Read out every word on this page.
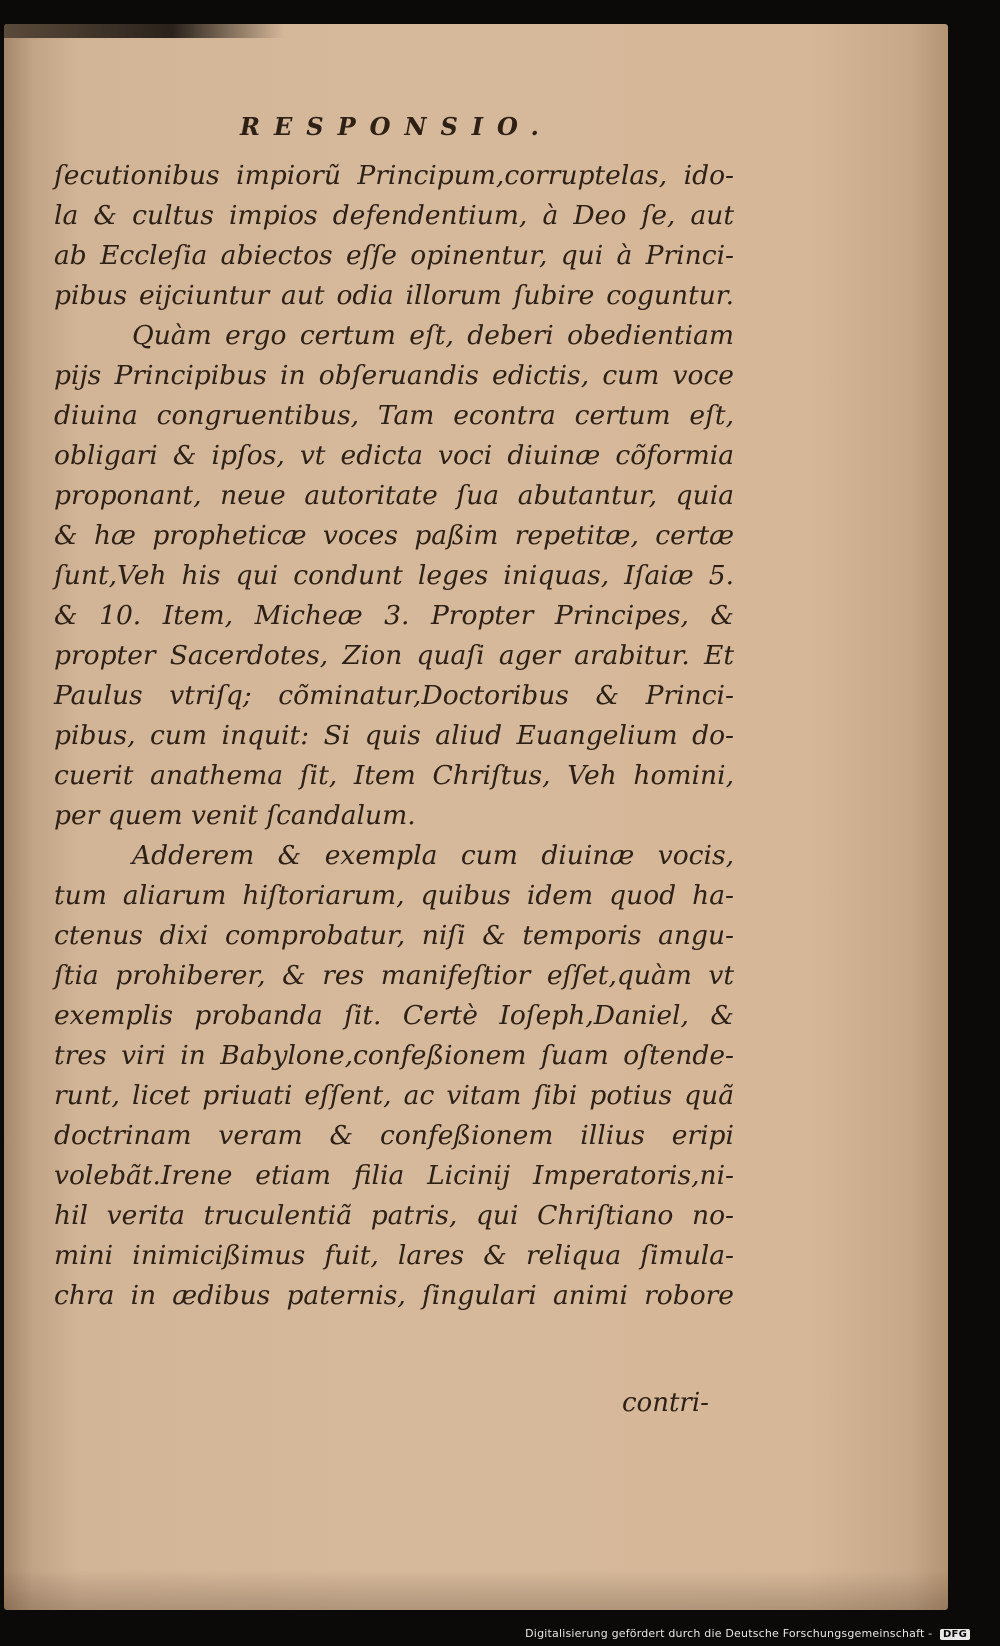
RESPONSIO.
ſecutionibus impiorũ Principum,corruptelas, ido-
la & cultus impios defendentium, à Deo ſe, aut
ab Eccleſia abiectos eſſe opinentur, qui à Princi-
pibus eijciuntur aut odia illorum ſubire coguntur.
Quàm ergo certum eſt, deberi obedientiam
pijs Principibus in obſeruandis edictis, cum voce
diuina congruentibus, Tam econtra certum eſt,
obligari & ipſos, vt edicta voci diuinæ cõformia
proponant, neue autoritate ſua abutantur, quia
& hæ propheticæ voces paßim repetitæ, certæ
ſunt,Veh his qui condunt leges iniquas, Iſaiæ 5.
& 10. Item, Micheæ 3. Propter Principes, &
propter Sacerdotes, Zion quaſi ager arabitur. Et
Paulus vtriſq; cõminatur,Doctoribus & Princi-
pibus, cum inquit: Si quis aliud Euangelium do-
cuerit anathema ſit, Item Chriſtus, Veh homini,
per quem venit ſcandalum.
Adderem & exempla cum diuinæ vocis,
tum aliarum hiſtoriarum, quibus idem quod ha-
ctenus dixi comprobatur, niſi & temporis angu-
ſtia prohiberer, & res manifeſtior eſſet,quàm vt
exemplis probanda ſit. Certè Ioſeph,Daniel, &
tres viri in Babylone,confeßionem ſuam oſtende-
runt, licet priuati eſſent, ac vitam ſibi potius quã
doctrinam veram & confeßionem illius eripi
volebãt.Irene etiam filia Licinij Imperatoris,ni-
hil verita truculentiã patris, qui Chriſtiano no-
mini inimicißimus fuit, lares & reliqua ſimula-
chra in ædibus paternis, ſingulari animi robore
contri-
Digitalisierung gefördert durch die Deutsche Forschungsgemeinschaft - DFG
